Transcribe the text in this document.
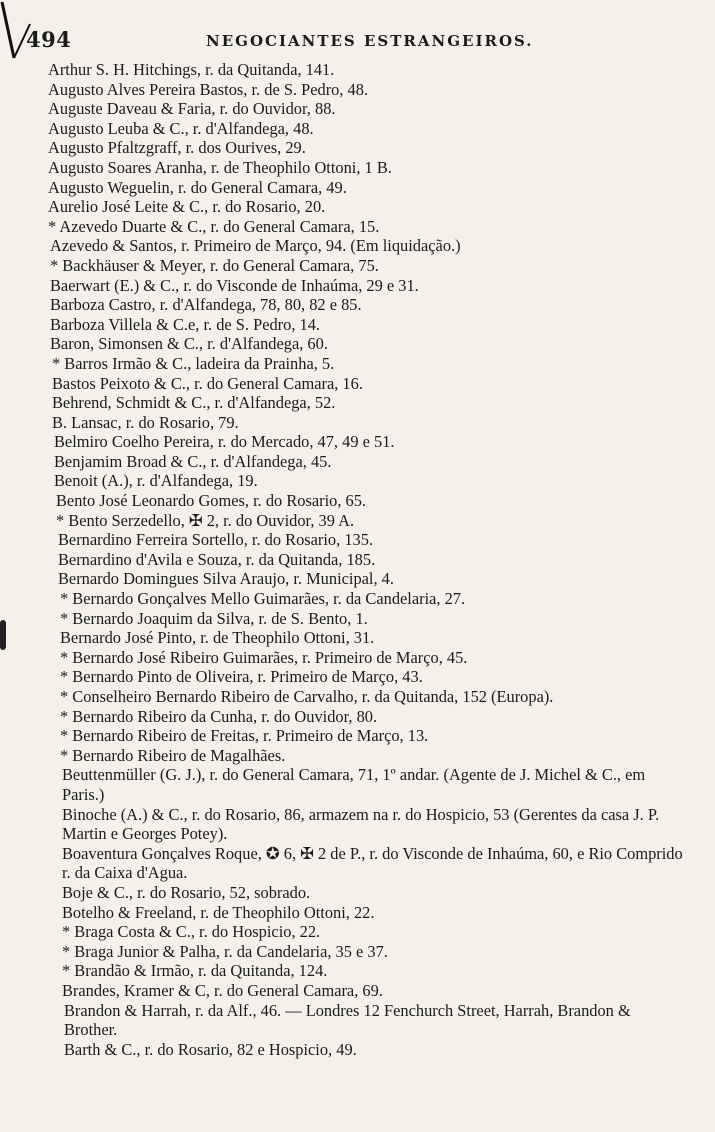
494	NEGOCIANTES ESTRANGEIROS.
Arthur S. H. Hitchings, r. da Quitanda, 141.
Augusto Alves Pereira Bastos, r. de S. Pedro, 48.
Auguste Daveau & Faria, r. do Ouvidor, 88.
Augusto Leuba & C., r. d'Alfandega, 48.
Augusto Pfaltzgraff, r. dos Ourives, 29.
Augusto Soares Aranha, r. de Theophilo Ottoni, 1 B.
Augusto Weguelin, r. do General Camara, 49.
Aurelio José Leite & C., r. do Rosario, 20.
* Azevedo Duarte & C., r. do General Camara, 15.
Azevedo & Santos, r. Primeiro de Março, 94. (Em liquidação.)
* Backhäuser & Meyer, r. do General Camara, 75.
Baerwart (E.) & C., r. do Visconde de Inhaúma, 29 e 31.
Barboza Castro, r. d'Alfandega, 78, 80, 82 e 85.
Barboza Villela & C.e, r. de S. Pedro, 14.
Baron, Simonsen & C., r. d'Alfandega, 60.
* Barros Irmão & C., ladeira da Prainha, 5.
Bastos Peixoto & C., r. do General Camara, 16.
Behrend, Schmidt & C., r. d'Alfandega, 52.
B. Lansac, r. do Rosario, 79.
Belmiro Coelho Pereira, r. do Mercado, 47, 49 e 51.
Benjamim Broad & C., r. d'Alfandega, 45.
Benoit (A.), r. d'Alfandega, 19.
Bento José Leonardo Gomes, r. do Rosario, 65.
* Bento Serzedello, ✠ 2, r. do Ouvidor, 39 A.
Bernardino Ferreira Sortello, r. do Rosario, 135.
Bernardino d'Avila e Souza, r. da Quitanda, 185.
Bernardo Domingues Silva Araujo, r. Municipal, 4.
* Bernardo Gonçalves Mello Guimarães, r. da Candelaria, 27.
* Bernardo Joaquim da Silva, r. de S. Bento, 1.
Bernardo José Pinto, r. de Theophilo Ottoni, 31.
* Bernardo José Ribeiro Guimarães, r. Primeiro de Março, 45.
* Bernardo Pinto de Oliveira, r. Primeiro de Março, 43.
* Conselheiro Bernardo Ribeiro de Carvalho, r. da Quitanda, 152 (Europa).
* Bernardo Ribeiro da Cunha, r. do Ouvidor, 80.
* Bernardo Ribeiro de Freitas, r. Primeiro de Março, 13.
* Bernardo Ribeiro de Magalhães.
Beuttenmüller (G. J.), r. do General Camara, 71, 1º andar. (Agente de J. Michel & C., em Paris.)
Binoche (A.) & C., r. do Rosario, 86, armazem na r. do Hospicio, 53 (Gerentes da casa J. P. Martin e Georges Potey).
Boaventura Gonçalves Roque, ✪ 6, ✠ 2 de P., r. do Visconde de Inhaúma, 60, e Rio Comprido r. da Caixa d'Agua.
Boje & C., r. do Rosario, 52, sobrado.
Botelho & Freeland, r. de Theophilo Ottoni, 22.
* Braga Costa & C., r. do Hospicio, 22.
* Braga Junior & Palha, r. da Candelaria, 35 e 37.
* Brandão & Irmão, r. da Quitanda, 124.
Brandes, Kramer & C, r. do General Camara, 69.
Brandon & Harrah, r. da Alf., 46. — Londres 12 Fenchurch Street, Harrah, Brandon & Brother.
Barth & C., r. do Rosario, 82 e Hospicio, 49.
